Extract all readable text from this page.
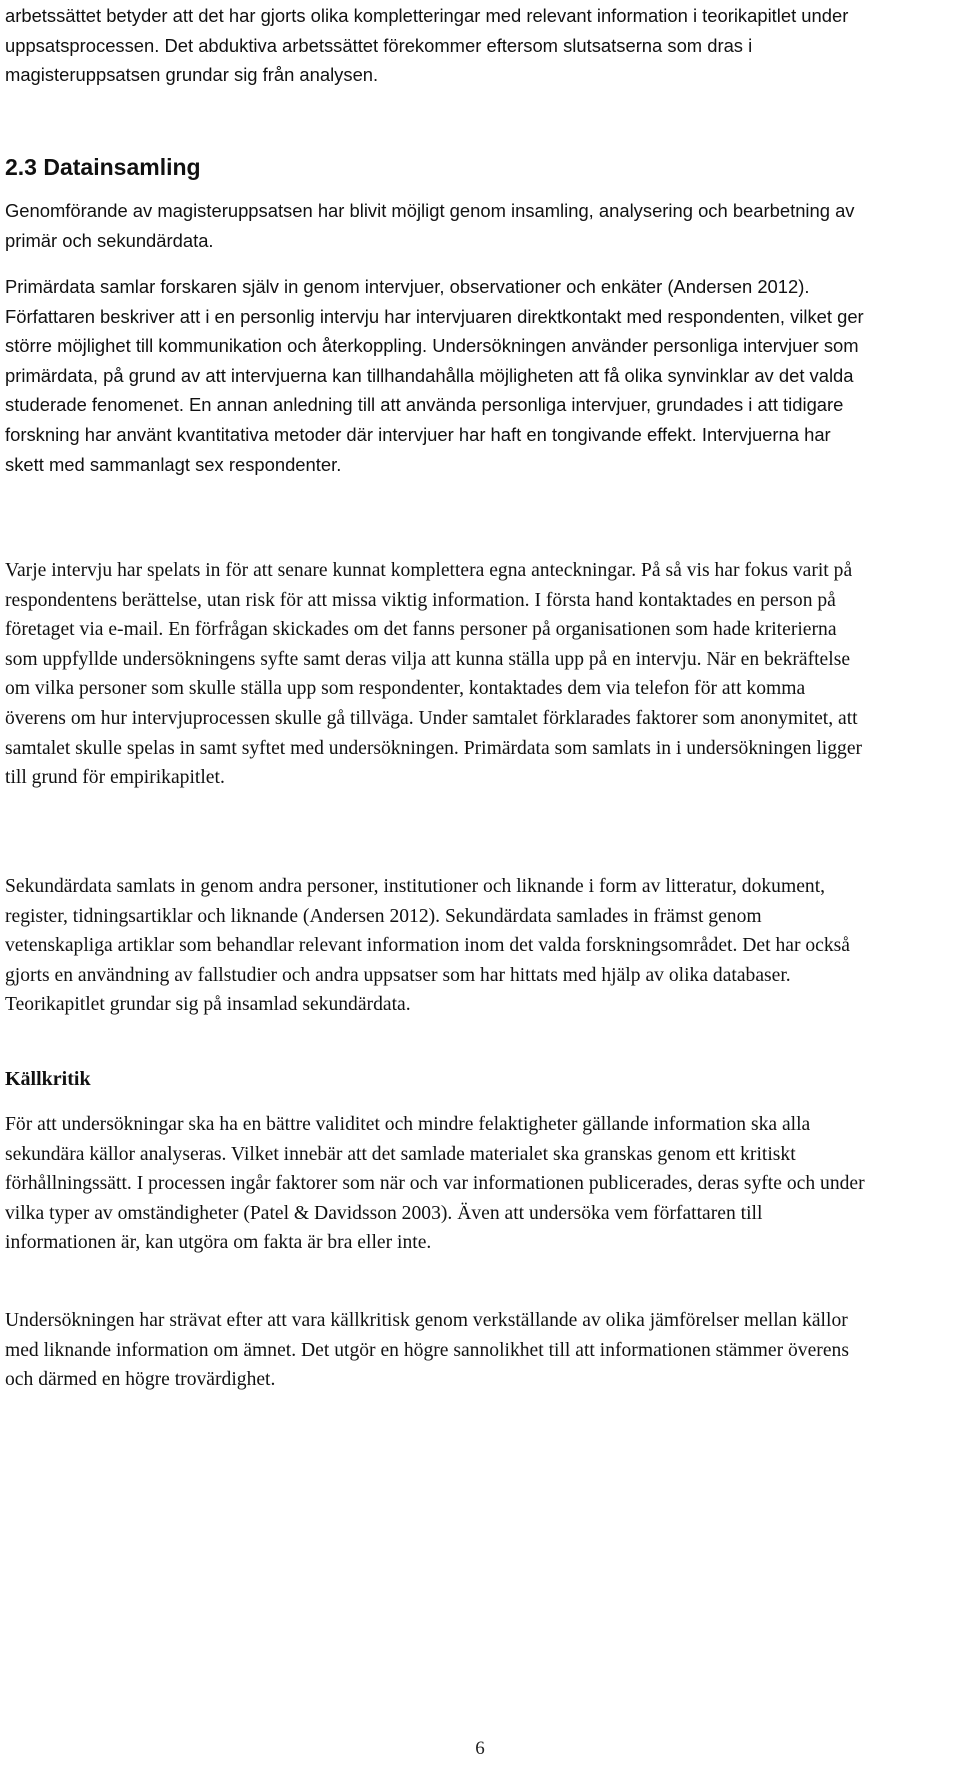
arbetssättet betyder att det har gjorts olika kompletteringar med relevant information i teorikapitlet under uppsatsprocessen. Det abduktiva arbetssättet förekommer eftersom slutsatserna som dras i magisteruppsatsen grundar sig från analysen.

2.3 Datainsamling

Genomförande av magisteruppsatsen har blivit möjligt genom insamling, analysering och bearbetning av primär och sekundärdata.

Primärdata samlar forskaren själv in genom intervjuer, observationer och enkäter (Andersen 2012). Författaren beskriver att i en personlig intervju har intervjuaren direktkontakt med respondenten, vilket ger större möjlighet till kommunikation och återkoppling. Undersökningen använder personliga intervjuer som primärdata, på grund av att intervjuerna kan tillhandahålla möjligheten att få olika synvinklar av det valda studerade fenomenet. En annan anledning till att använda personliga intervjuer, grundades i att tidigare forskning har använt kvantitativa metoder där intervjuer har haft en tongivande effekt. Intervjuerna har skett med sammanlagt sex respondenter.

Varje intervju har spelats in för att senare kunnat komplettera egna anteckningar. På så vis har fokus varit på respondentens berättelse, utan risk för att missa viktig information. I första hand kontaktades en person på företaget via e-mail. En förfrågan skickades om det fanns personer på organisationen som hade kriterierna som uppfyllde undersökningens syfte samt deras vilja att kunna ställa upp på en intervju. När en bekräftelse om vilka personer som skulle ställa upp som respondenter, kontaktades dem via telefon för att komma överens om hur intervjuprocessen skulle gå tillväga. Under samtalet förklarades faktorer som anonymitet, att samtalet skulle spelas in samt syftet med undersökningen. Primärdata som samlats in i undersökningen ligger till grund för empirikapitlet.

Sekundärdata samlats in genom andra personer, institutioner och liknande i form av litteratur, dokument, register, tidningsartiklar och liknande (Andersen 2012). Sekundärdata samlades in främst genom vetenskapliga artiklar som behandlar relevant information inom det valda forskningsområdet. Det har också gjorts en användning av fallstudier och andra uppsatser som har hittats med hjälp av olika databaser. Teorikapitlet grundar sig på insamlad sekundärdata.

Källkritik

För att undersökningar ska ha en bättre validitet och mindre felaktigheter gällande information ska alla sekundära källor analyseras. Vilket innebär att det samlade materialet ska granskas genom ett kritiskt förhållningssätt. I processen ingår faktorer som när och var informationen publicerades, deras syfte och under vilka typer av omständigheter (Patel & Davidsson 2003). Även att undersöka vem författaren till informationen är, kan utgöra om fakta är bra eller inte.

Undersökningen har strävat efter att vara källkritisk genom verkställande av olika jämförelser mellan källor med liknande information om ämnet. Det utgör en högre sannolikhet till att informationen stämmer överens och därmed en högre trovärdighet.

6
